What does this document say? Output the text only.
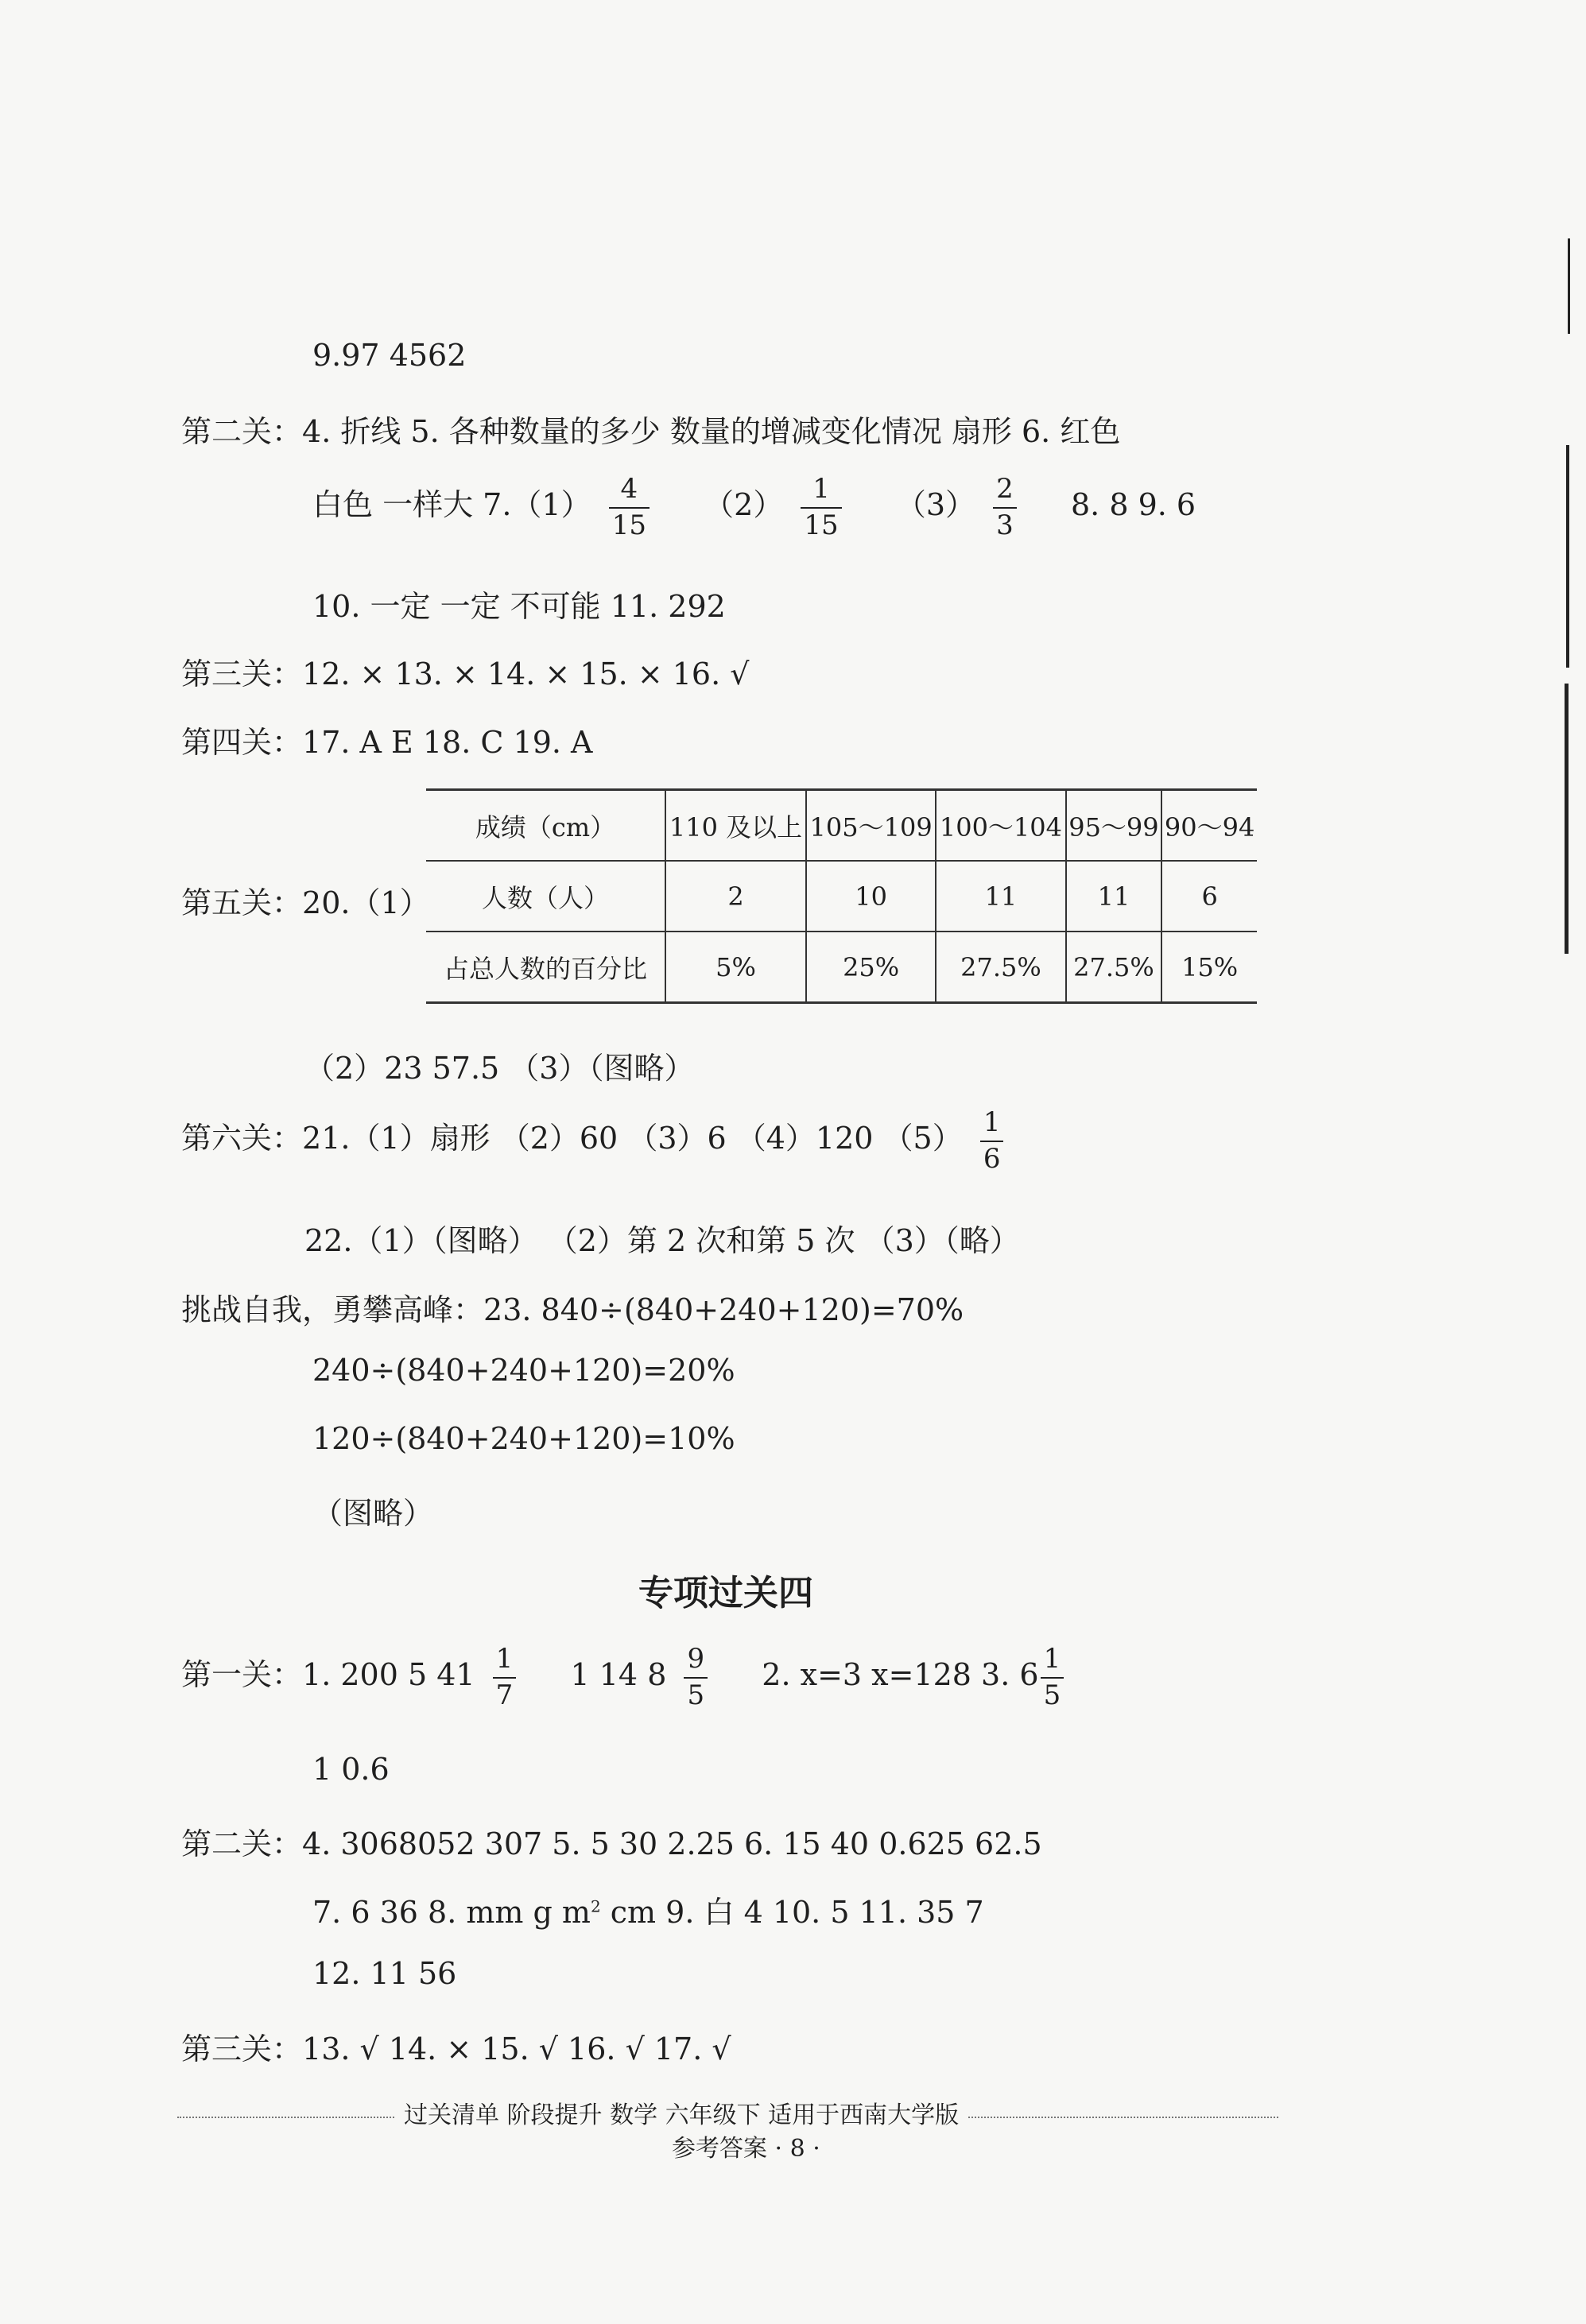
9.97 4562
第二关：4. 折线 5. 各种数量的多少 数量的增减变化情况 扇形 6. 红色
白色 一样大 $7.(1) \frac{4}{15} (2) \frac{1}{15} (3) \frac{2}{3} 8$. 8 9. 6
10. 一定 一定 不可能 11. 292
第三关：12. × 13. × 14. × 15. × 16. √
第四关：17. A E 18. C 19. A
第五关：20.（1）
成绩（cm）	110 及以上	105～109	100～104	95～99	90～94
人数（人）	2	10	11	11	6
占总人数的百分比	5%	25%	27.5%	27.5%	15%
（2）23 57.5 （3）（图略）
第六关：21.（1）扇形 （2）60 （3）6 （4）120 $(5) \frac{1}{6}$
22.（1）（图略） （2）第 2 次和第 5 次 （3）（略）
挑战自我，勇攀高峰：23. 840÷(840+240+120)=70%
240÷(840+240+120)=20%
120÷(840+240+120)=10%
（图略）
专项过关四
第一关：1. 200 5 $41 \frac{1}{7} 1$ 14 $8 \frac{9}{5} 2$. x=3 x=128 3. $6 \frac{1}{5}$
1 0.6
第二关：4. 3068052 307 5. 5 30 2.25 6. 15 40 0.625 62.5
7. 6 36 8. mm g $m^2$ cm 9. 白 4 10. 5 11. 35 7
12. 11 56
第三关：13. √ 14. × 15. √ 16. √ 17. √
过关清单 阶段提升 数学 六年级下 适用于西南大学版
参考答案 · 8 ·
